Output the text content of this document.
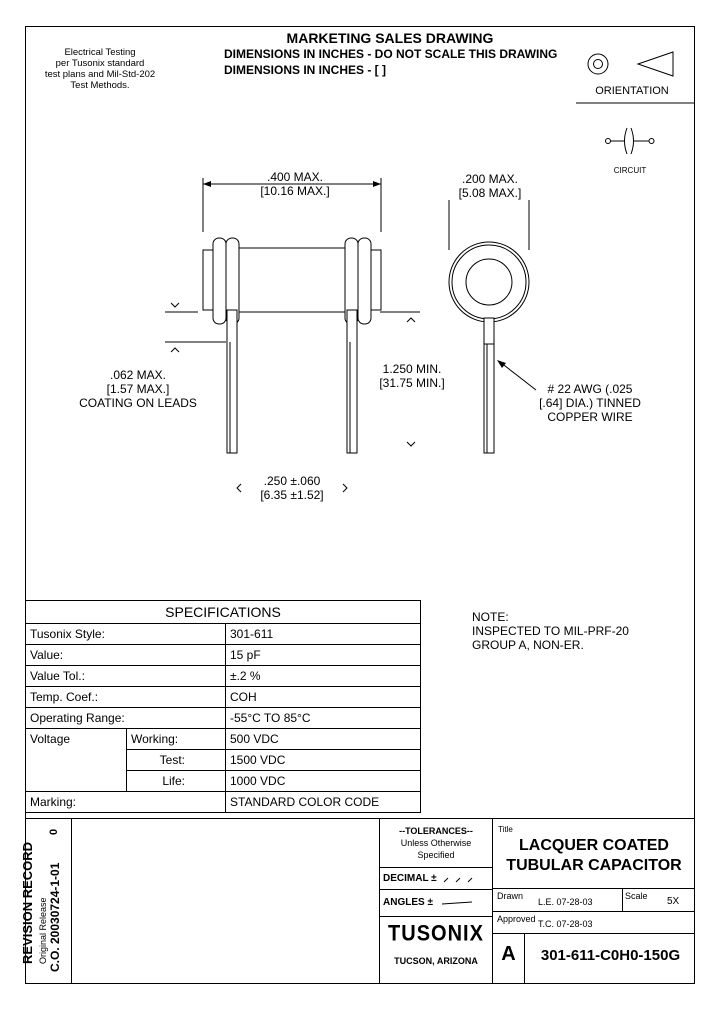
MARKETING SALES DRAWING
DIMENSIONS IN INCHES - DO NOT SCALE THIS DRAWING
DIMENSIONS IN INCHES - [ ]
Electrical Testing
per Tusonix standard
test plans and Mil-Std-202
Test Methods.	ORIENTATION
CIRCUIT
.400 MAX.
[10.16 MAX.]
.200 MAX.
[5.08 MAX.]
.062 MAX.
[1.57 MAX.]
COATING ON LEADS
1.250 MIN.
[31.75 MIN.]	# 22 AWG (.025
[.64] DIA.) TINNED
COPPER WIRE
.250 ±.060
[6.35 ±1.52]
SPECIFICATIONS		
Tusonix Style:		301-611
Value:		15 pF
Value Tol.:		±.2 %
Temp. Coef.:		COH
Operating Range:		-55°C TO 85°C
Voltage	Working:	500 VDC
	Test:	1500 VDC
	Life:	1000 VDC
Marking:		STANDARD COLOR CODE
NOTE:
INSPECTED TO MIL-PRF-20
GROUP A, NON-ER.
REVISION RECORD Original Release C.O. 20030724-1-01
0	--TOLERANCES--
Unless Otherwise
Specified
DECIMAL ±
ANGLES ±
TUSONIX
TUCSON, ARIZONA
Title
LACQUER COATED
TUBULAR CAPACITOR
Drawn
L.E. 07-28-03
Scale 5X
Approved T.C. 07-28-03
A	301-611-C0H0-150G
